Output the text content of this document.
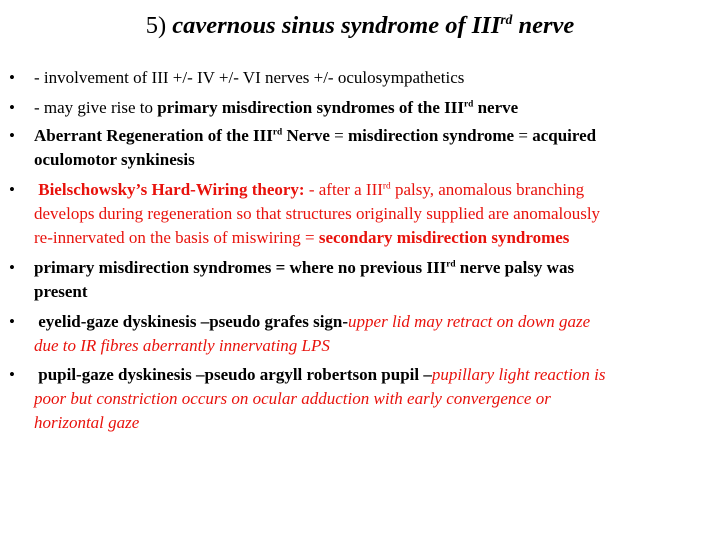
5) cavernous sinus syndrome of IIIrd nerve
• - involvement of III +/- IV +/- VI nerves +/- oculosympathetics
• - may give rise to primary misdirection syndromes of the IIIrd nerve
• Aberrant Regeneration of the IIIrd Nerve = misdirection syndrome = acquired
oculomotor synkinesis
• Bielschowsky’s Hard-Wiring theory: - after a IIIrd palsy, anomalous branching
develops during regeneration so that structures originally supplied are anomalously
re-innervated on the basis of miswiring = secondary misdirection syndromes
• primary misdirection syndromes = where no previous IIIrd nerve palsy was
present
• eyelid-gaze dyskinesis –pseudo grafes sign-upper lid may retract on down gaze
due to IR fibres aberrantly innervating LPS
• pupil-gaze dyskinesis –pseudo argyll robertson pupil –pupillary light reaction is
poor but constriction occurs on ocular adduction with early convergence or
horizontal gaze
